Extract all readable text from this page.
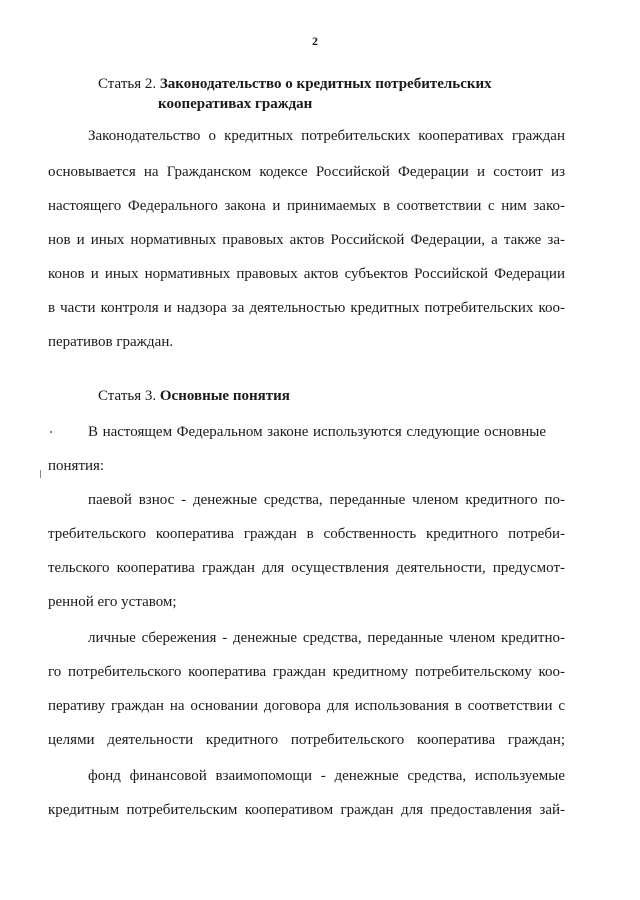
2
Статья 2. Законодательство о кредитных потребительских
кооперативах граждан
Законодательство о кредитных потребительских кооперативах граждан
основывается на Гражданском кодексе Российской Федерации и состоит из
настоящего Федерального закона и принимаемых в соответствии с ним зако-
нов и иных нормативных правовых актов Российской Федерации, а также за-
конов и иных нормативных правовых актов субъектов Российской Федерации
в части контроля и надзора за деятельностью кредитных потребительских коо-
перативов граждан.
Статья 3. Основные понятия
В настоящем Федеральном законе используются следующие основные
понятия:
паевой взнос - денежные средства, переданные членом кредитного по-
требительского кооператива граждан в собственность кредитного потреби-
тельского кооператива граждан для осуществления деятельности, предусмот-
ренной его уставом;
личные сбережения - денежные средства, переданные членом кредитно-
го потребительского кооператива граждан кредитному потребительскому коо-
перативу граждан на основании договора для использования в соответствии с
целями деятельности кредитного потребительского кооператива граждан;
фонд финансовой взаимопомощи - денежные средства, используемые
кредитным потребительским кооперативом граждан для предоставления зай-
